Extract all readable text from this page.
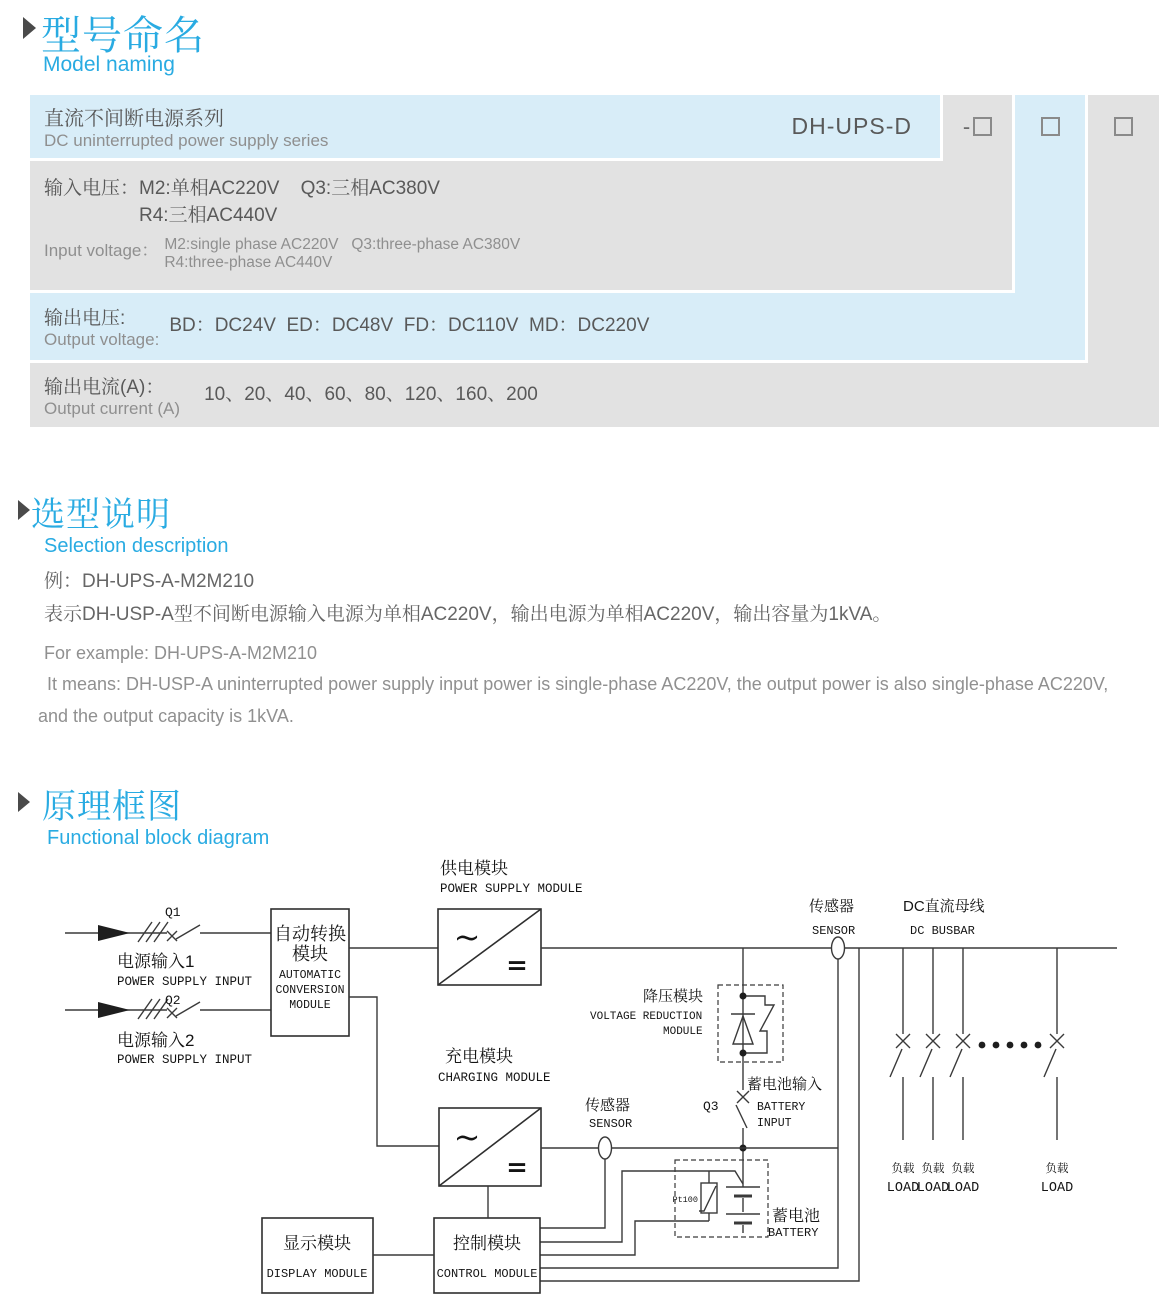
型号命名
Model naming
直流不间断电源系列
DC uninterrupted power supply series
DH-UPS-D -
输入电压： M2:单相AC220V    Q3:三相AC380V
R4:三相AC440V
Input voltage： M2:single phase AC220V   Q3:three-phase AC380V
R4:three-phase AC440V
输出电压:
Output voltage:
BD：DC24V  ED：DC48V  FD：DC110V  MD：DC220V
输出电流(A)：
Output current (A)
10、20、40、60、80、120、160、200
选型说明
Selection description
例：DH-UPS-A-M2M210
表示DH-USP-A型不间断电源输入电源为单相AC220V，输出电源为单相AC220V，输出容量为1kVA。
For example: DH-UPS-A-M2M210
It means: DH-USP-A uninterrupted power supply input power is single-phase AC220V, the output power is also single-phase AC220V,
and the output capacity is 1kVA.
原理框图
Functional block diagram
Q1
Q2
电源输入1
POWER SUPPLY INPUT
电源输入2
POWER SUPPLY INPUT
自动转换
模块
AUTOMATIC
CONVERSION
MODULE
供电模块
POWER SUPPLY MODULE
~
=
传感器
SENSOR
DC直流母线
DC BUSBAR
降压模块
VOLTAGE REDUCTION
MODULE
Q3
蓄电池输入
BATTERY
INPUT
充电模块
CHARGING MODULE
~
=
传感器
SENSOR
Pt100
蓄电池
BATTERY
显示模块
DISPLAY MODULE
控制模块
CONTROL MODULE
负载 负载 负载	负载
LOAD
LOAD
LOAD	LOAD
